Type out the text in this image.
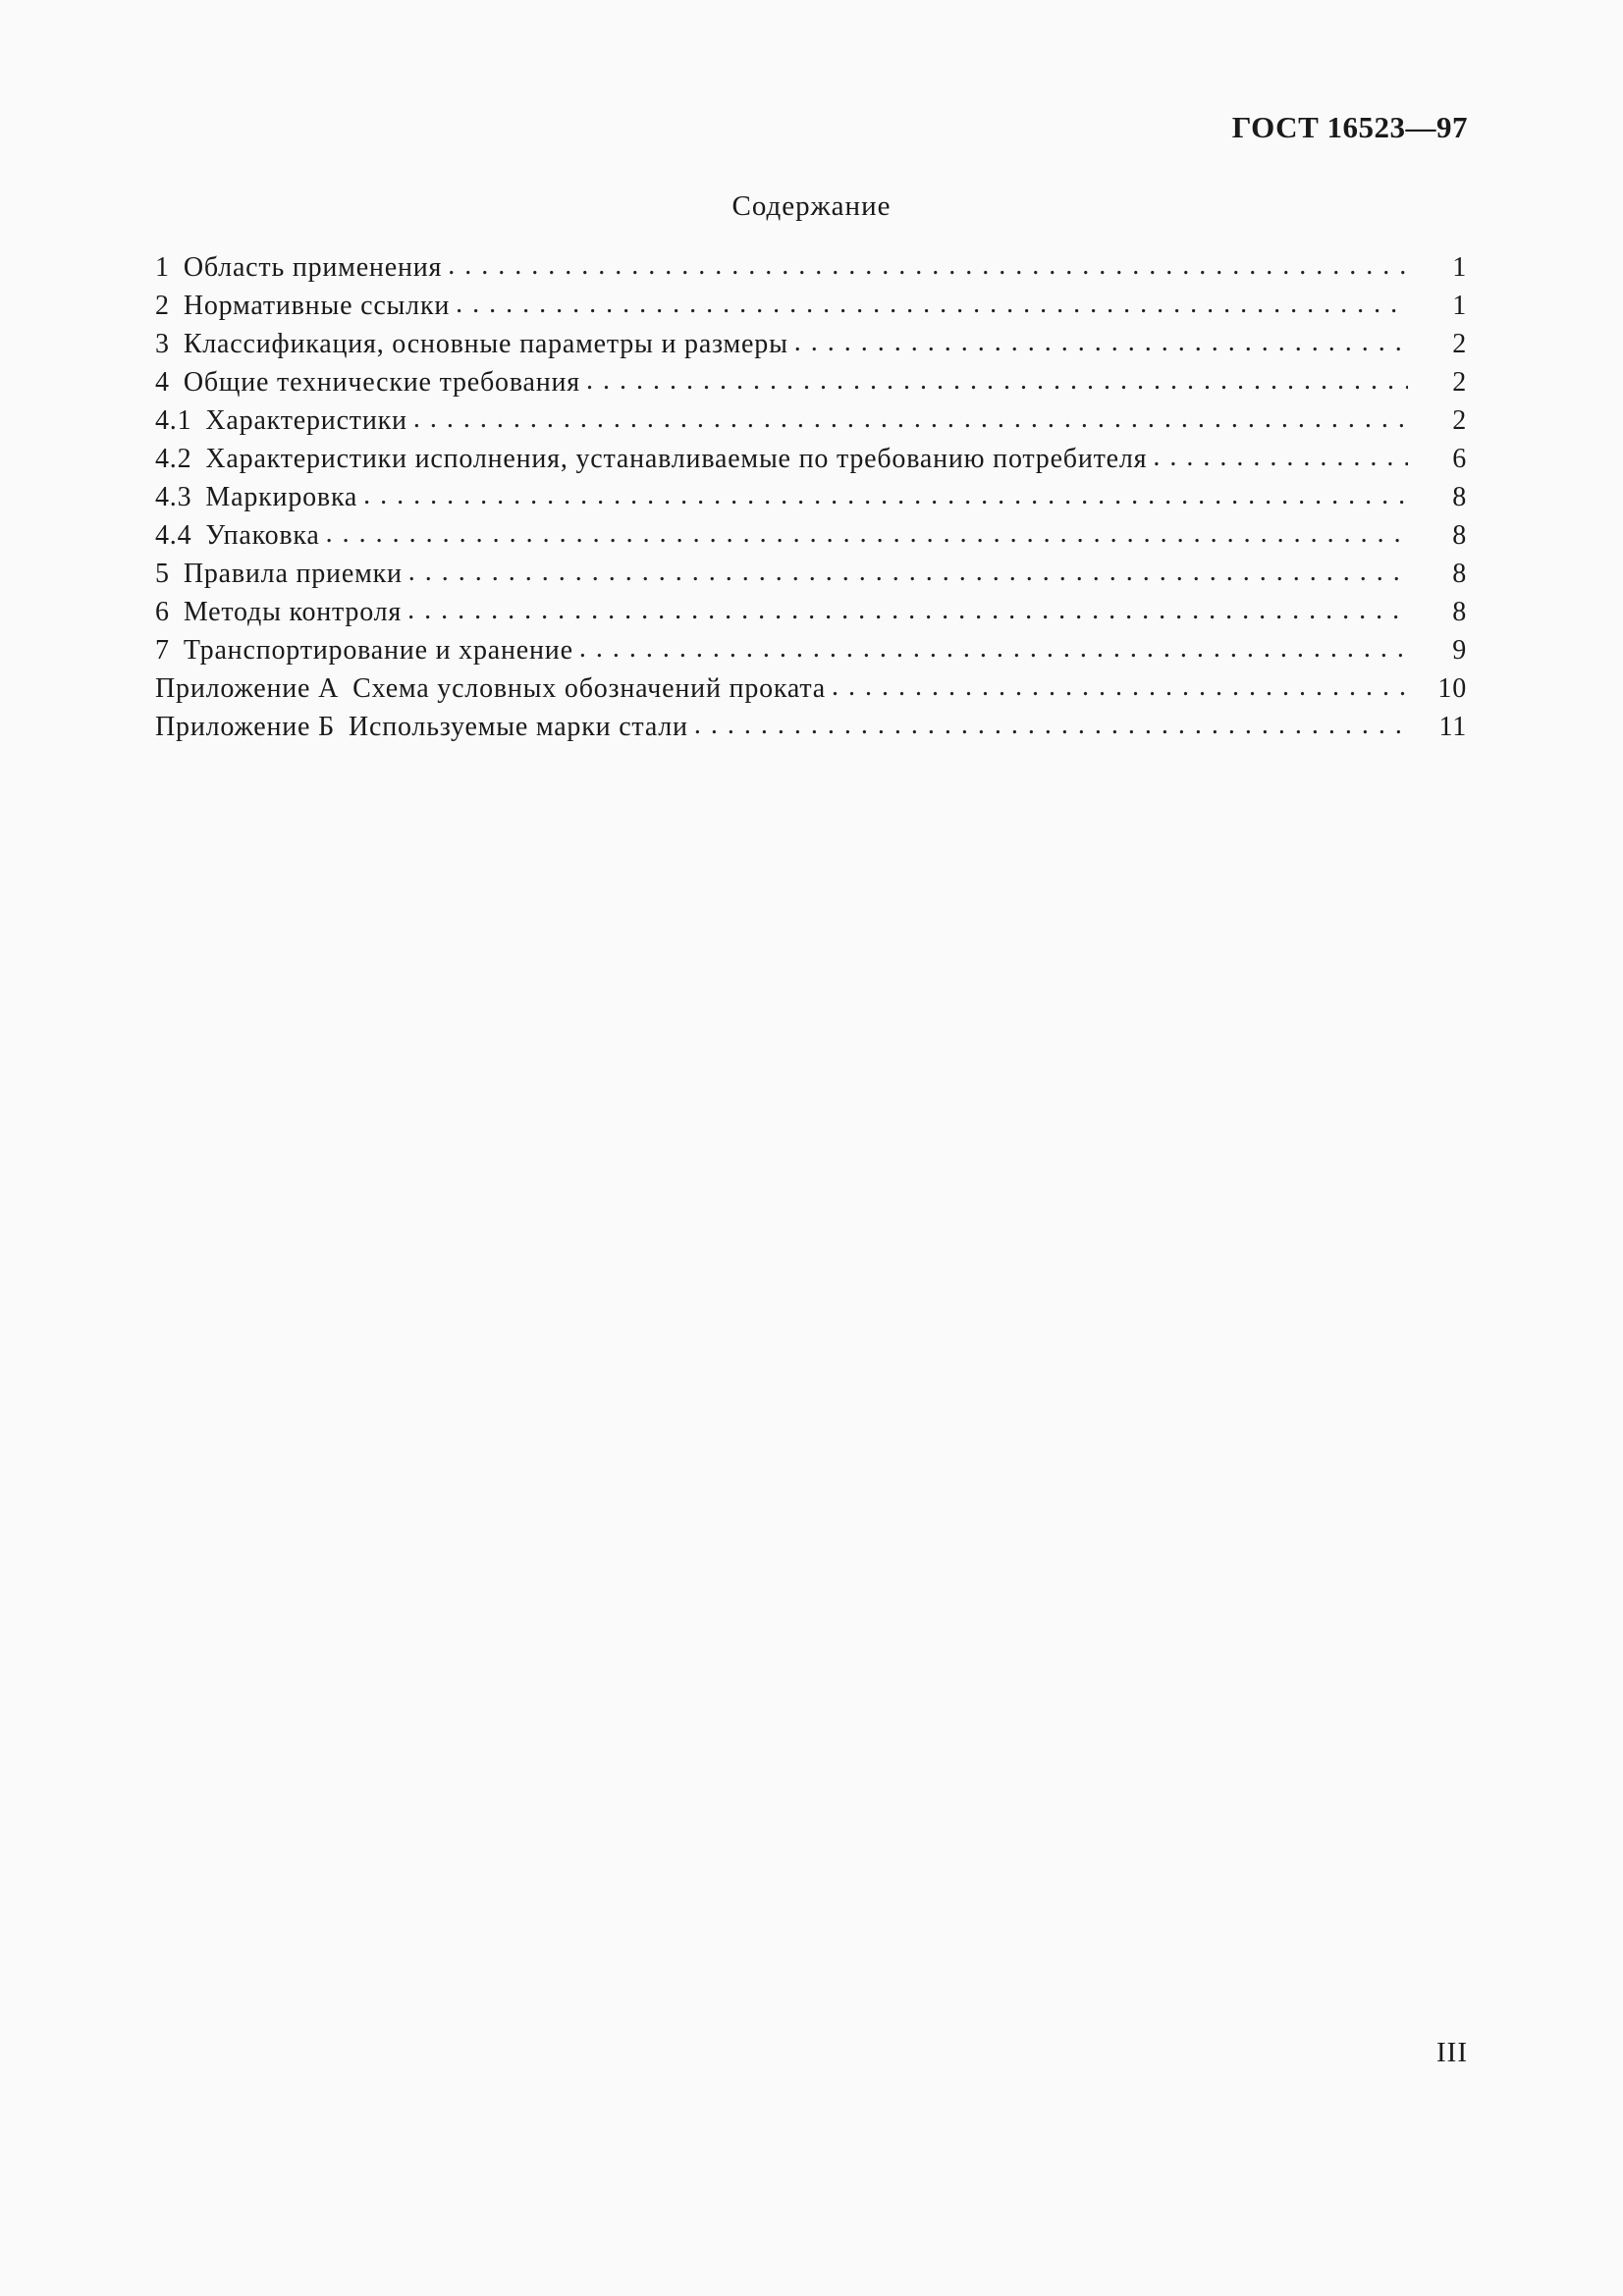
ГОСТ 16523—97
Содержание
1 Область применения . . .	1
2 Нормативные ссылки . . .	1
3 Классификация, основные параметры и размеры . . .	2
4 Общие технические требования . . .	2
4.1 Характеристики . . .	2
4.2 Характеристики исполнения, устанавливаемые по требованию потребителя . . .	6
4.3 Маркировка . . .	8
4.4 Упаковка . . .	8
5 Правила приемки . . .	8
6 Методы контроля . . .	8
7 Транспортирование и хранение . . .	9
Приложение А Схема условных обозначений проката . . .	10
Приложение Б Используемые марки стали . . .	11
III
